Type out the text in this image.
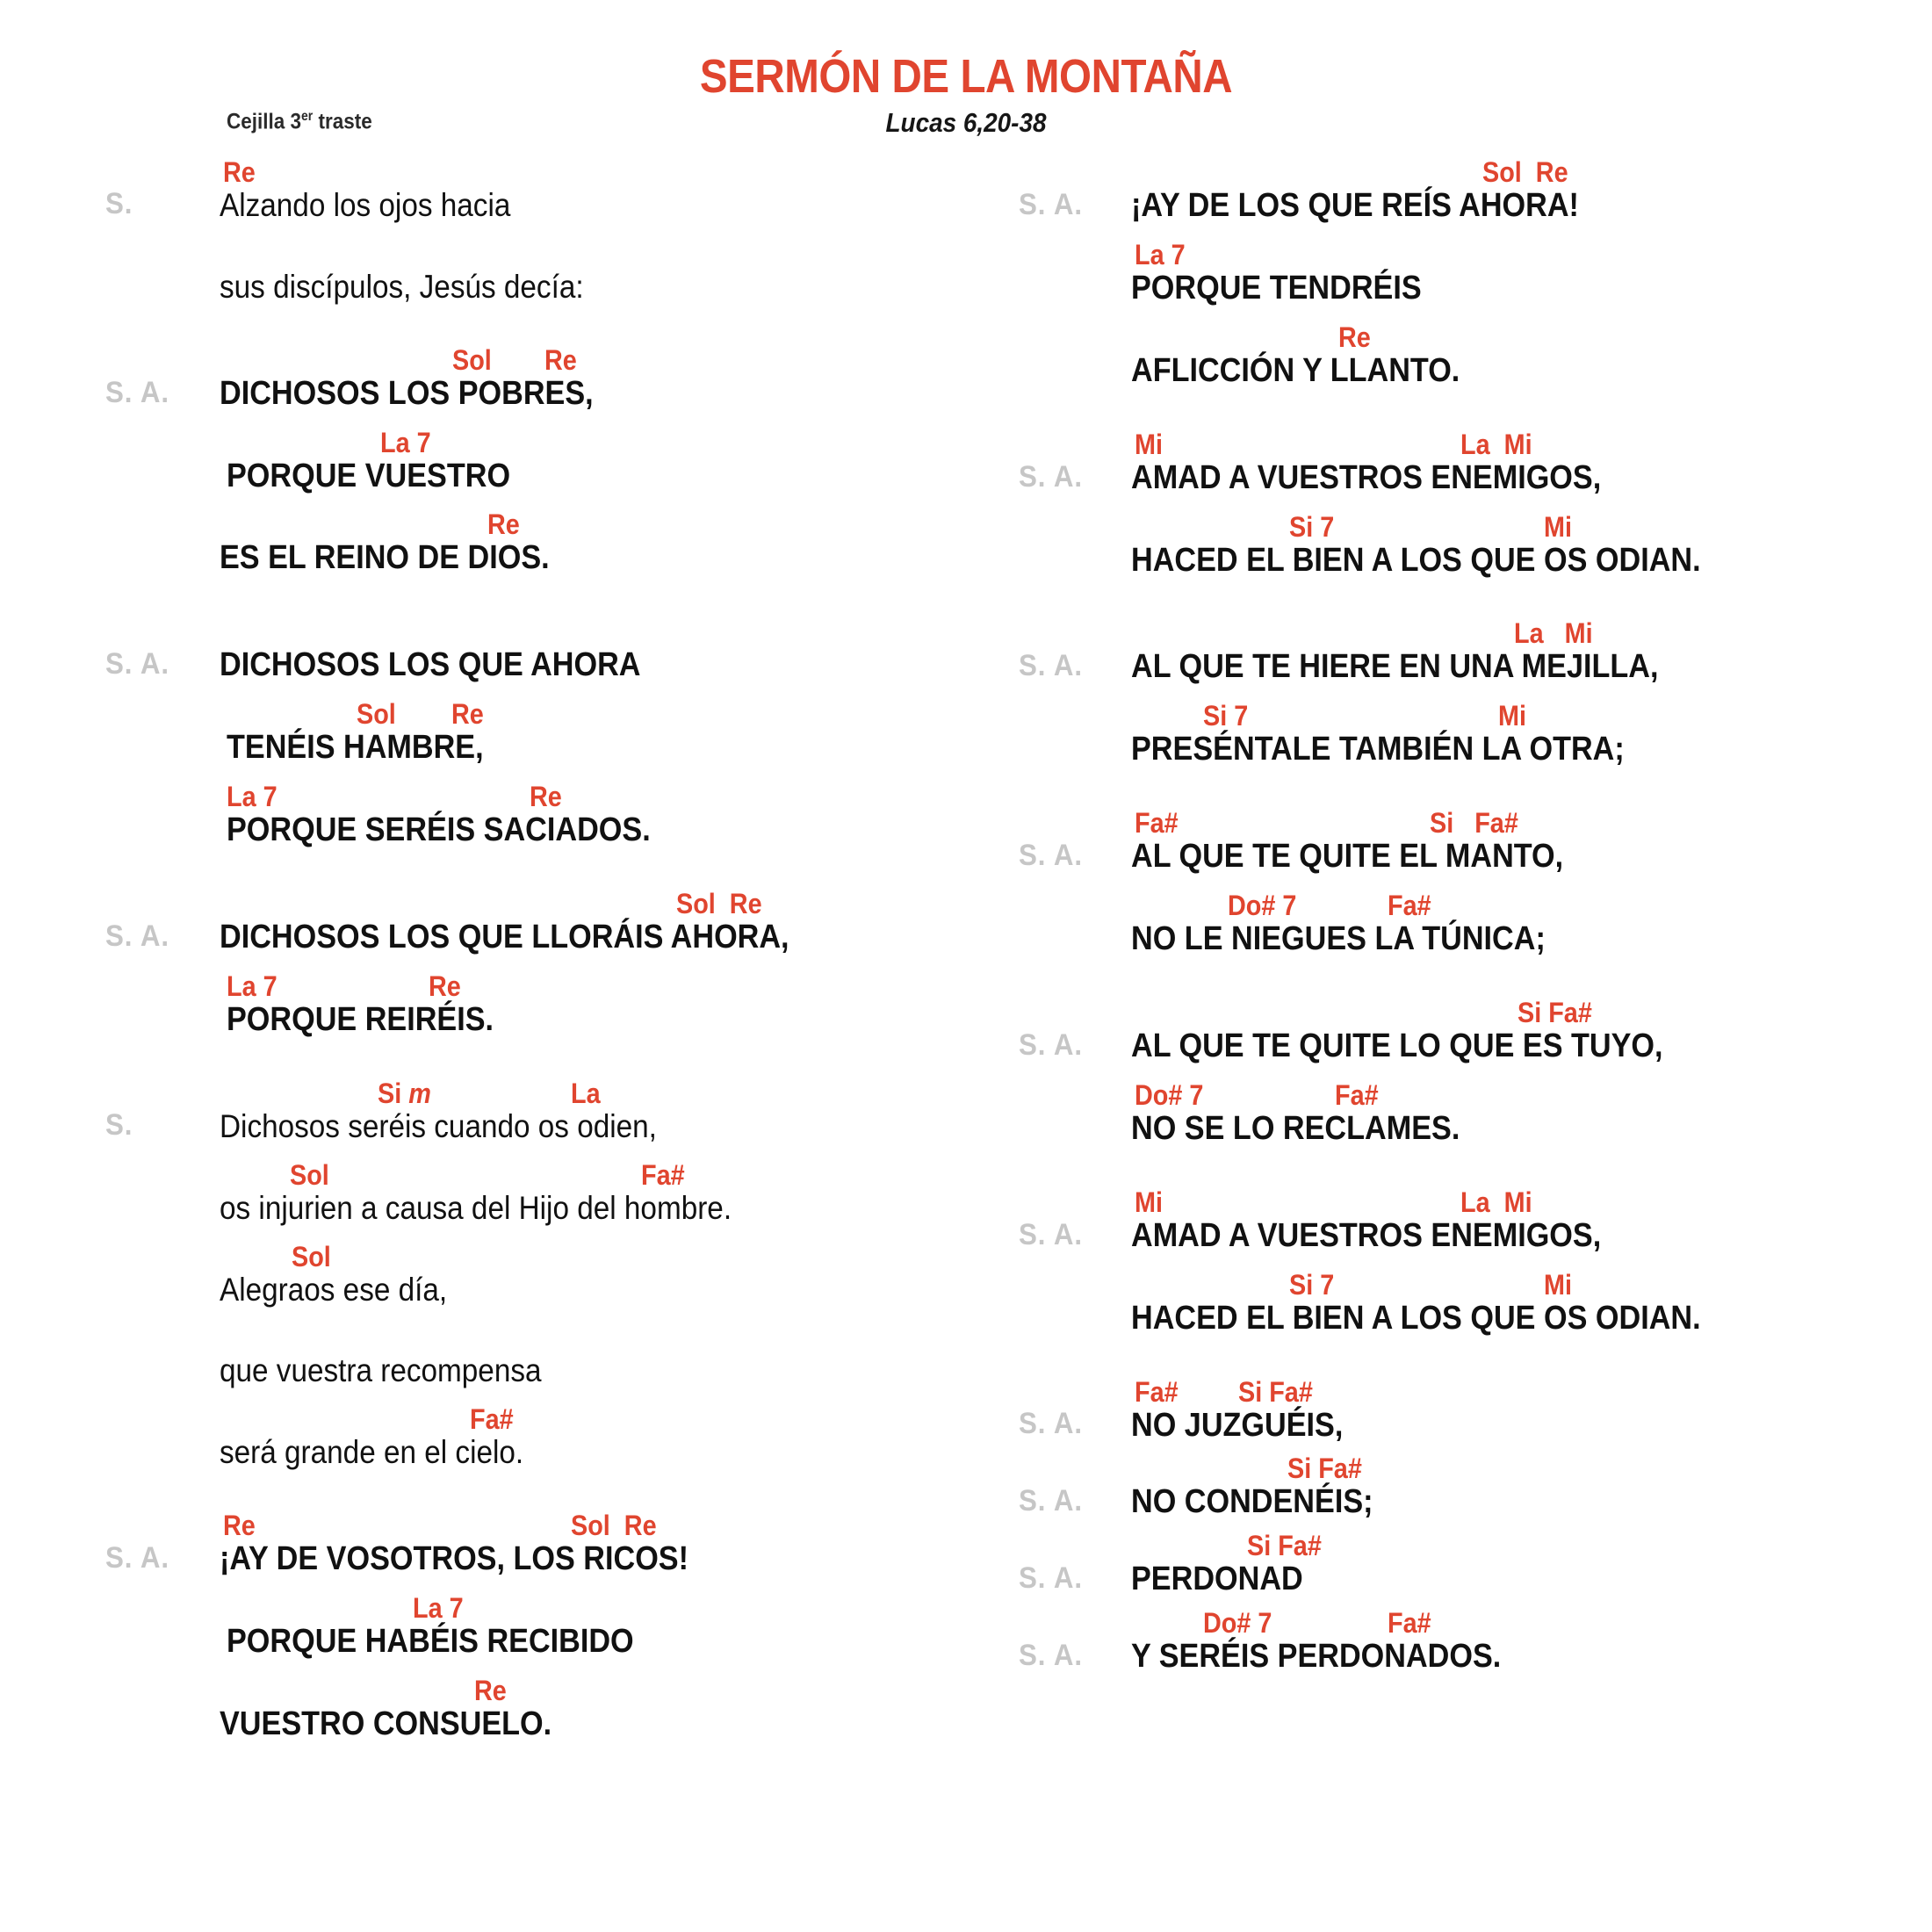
SERMÓN DE LA MONTAÑA
Lucas 6,20-38
Cejilla 3er traste
S.
Re
Alzando los ojos hacia
sus discípulos, Jesús decía:
S. A.
Sol Re
DICHOSOS LOS POBRES,
La 7
PORQUE VUESTRO
Re
ES EL REINO DE DIOS.
S. A.	DICHOSOS LOS QUE AHORA
Sol Re
TENÉIS HAMBRE,
La 7	Re
PORQUE SERÉIS SACIADOS.
S. A.
Sol  Re
DICHOSOS LOS QUE LLORÁIS AHORA,
La 7	Re
PORQUE REIRÉIS.
S.
Si m	La
Dichosos seréis cuando os odien,
Sol	Fa#
os injurien a causa del Hijo del hombre.
Sol
Alegraos ese día,
que vuestra recompensa
Fa#
será grande en el cielo.
S. A.
Re	Sol  Re
¡AY DE VOSOTROS, LOS RICOS!
La 7
PORQUE HABÉIS RECIBIDO
Re
VUESTRO CONSUELO.
S. A.
Sol  Re
¡AY DE LOS QUE REÍS AHORA!
La 7
PORQUE TENDRÉIS
Re
AFLICCIÓN Y LLANTO.
S. A.
Mi	La  Mi
AMAD A VUESTROS ENEMIGOS,
Si 7	Mi
HACED EL BIEN A LOS QUE OS ODIAN.
S. A.
La   Mi
AL QUE TE HIERE EN UNA MEJILLA,
Si 7	Mi
PRESÉNTALE TAMBIÉN LA OTRA;
S. A.
Fa#	Si   Fa#
AL QUE TE QUITE EL MANTO,
Do# 7	Fa#
NO LE NIEGUES LA TÚNICA;
S. A.
Si Fa#
AL QUE TE QUITE LO QUE ES TUYO,
Do# 7	Fa#
NO SE LO RECLAMES.
S. A.
Mi	La  Mi
AMAD A VUESTROS ENEMIGOS,
Si 7	Mi
HACED EL BIEN A LOS QUE OS ODIAN.
S. A.
Fa# Si Fa#
NO JUZGUÉIS,
S. A.
Si Fa#
NO CONDENÉIS;
S. A.
Si Fa#
PERDONAD
S. A.
Do# 7	Fa#
Y SERÉIS PERDONADOS.
